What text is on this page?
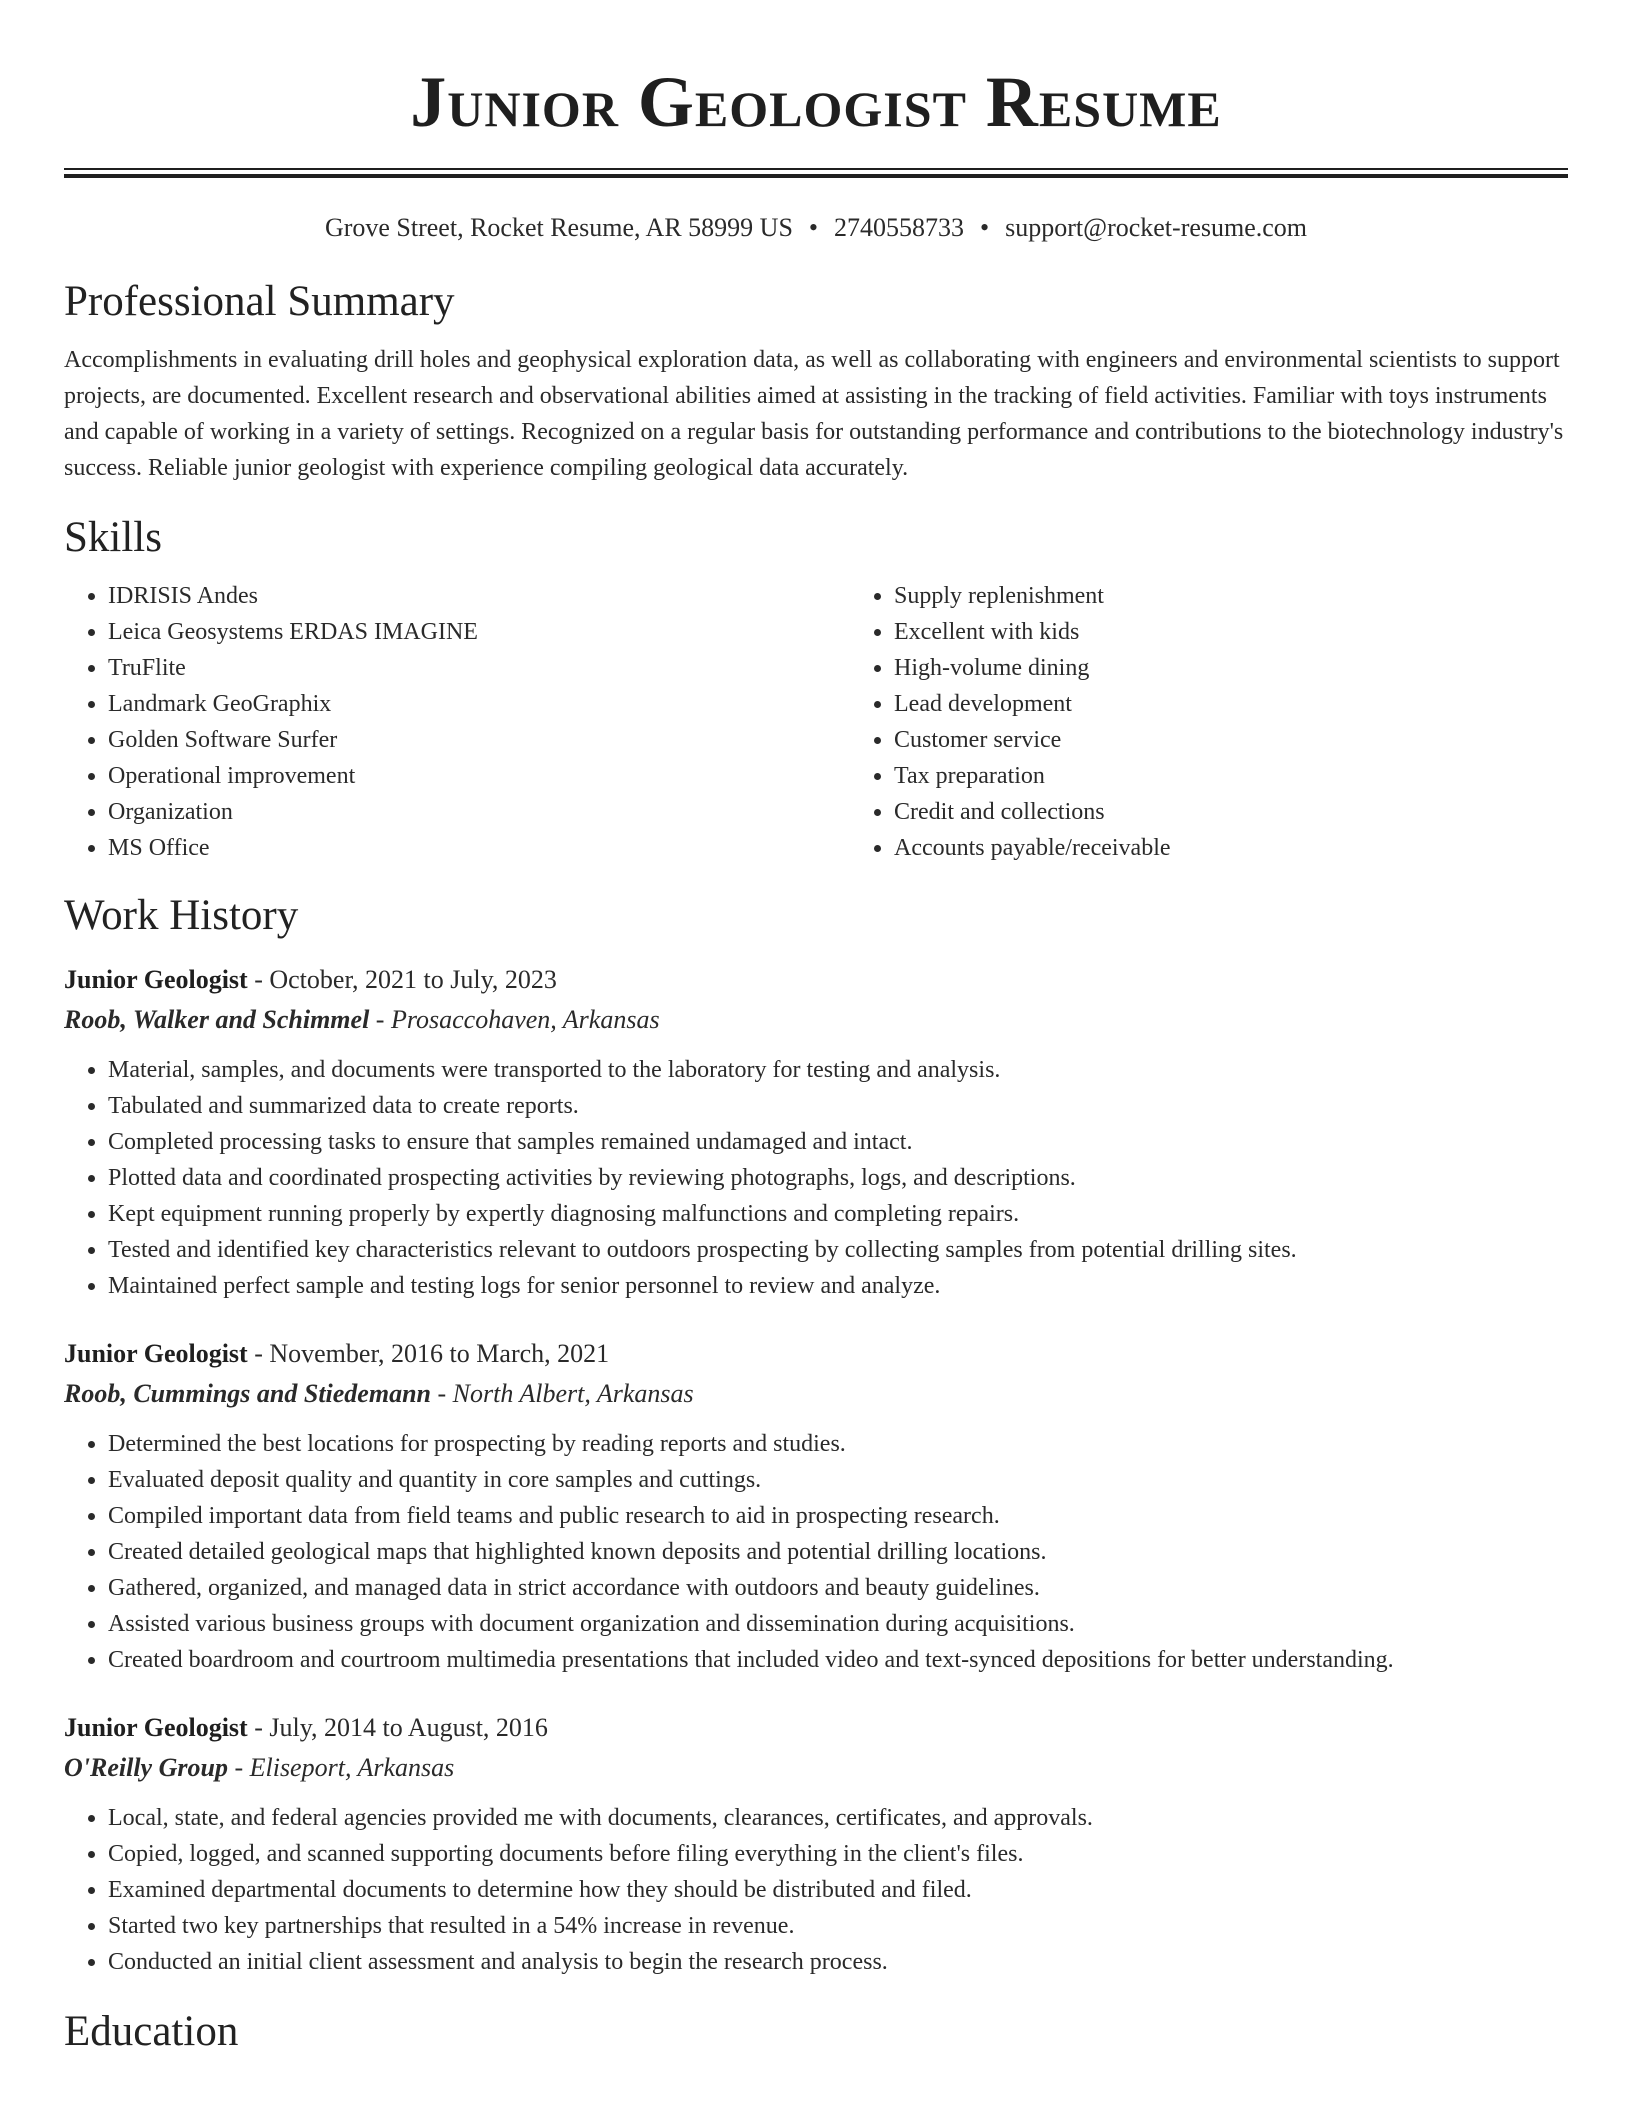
Junior Geologist Resume
Grove Street, Rocket Resume, AR 58999 US • 2740558733 • support@rocket-resume.com
Professional Summary
Accomplishments in evaluating drill holes and geophysical exploration data, as well as collaborating with engineers and environmental scientists to support projects, are documented. Excellent research and observational abilities aimed at assisting in the tracking of field activities. Familiar with toys instruments and capable of working in a variety of settings. Recognized on a regular basis for outstanding performance and contributions to the biotechnology industry's success. Reliable junior geologist with experience compiling geological data accurately.
Skills
• IDRISIS Andes
• Leica Geosystems ERDAS IMAGINE
• TruFlite
• Landmark GeoGraphix
• Golden Software Surfer
• Operational improvement
• Organization
• MS Office
• Supply replenishment
• Excellent with kids
• High-volume dining
• Lead development
• Customer service
• Tax preparation
• Credit and collections
• Accounts payable/receivable
Work History
Junior Geologist - October, 2021 to July, 2023
Roob, Walker and Schimmel - Prosaccohaven, Arkansas
• Material, samples, and documents were transported to the laboratory for testing and analysis.
• Tabulated and summarized data to create reports.
• Completed processing tasks to ensure that samples remained undamaged and intact.
• Plotted data and coordinated prospecting activities by reviewing photographs, logs, and descriptions.
• Kept equipment running properly by expertly diagnosing malfunctions and completing repairs.
• Tested and identified key characteristics relevant to outdoors prospecting by collecting samples from potential drilling sites.
• Maintained perfect sample and testing logs for senior personnel to review and analyze.
Junior Geologist - November, 2016 to March, 2021
Roob, Cummings and Stiedemann - North Albert, Arkansas
• Determined the best locations for prospecting by reading reports and studies.
• Evaluated deposit quality and quantity in core samples and cuttings.
• Compiled important data from field teams and public research to aid in prospecting research.
• Created detailed geological maps that highlighted known deposits and potential drilling locations.
• Gathered, organized, and managed data in strict accordance with outdoors and beauty guidelines.
• Assisted various business groups with document organization and dissemination during acquisitions.
• Created boardroom and courtroom multimedia presentations that included video and text-synced depositions for better understanding.
Junior Geologist - July, 2014 to August, 2016
O'Reilly Group - Eliseport, Arkansas
• Local, state, and federal agencies provided me with documents, clearances, certificates, and approvals.
• Copied, logged, and scanned supporting documents before filing everything in the client's files.
• Examined departmental documents to determine how they should be distributed and filed.
• Started two key partnerships that resulted in a 54% increase in revenue.
• Conducted an initial client assessment and analysis to begin the research process.
Education
